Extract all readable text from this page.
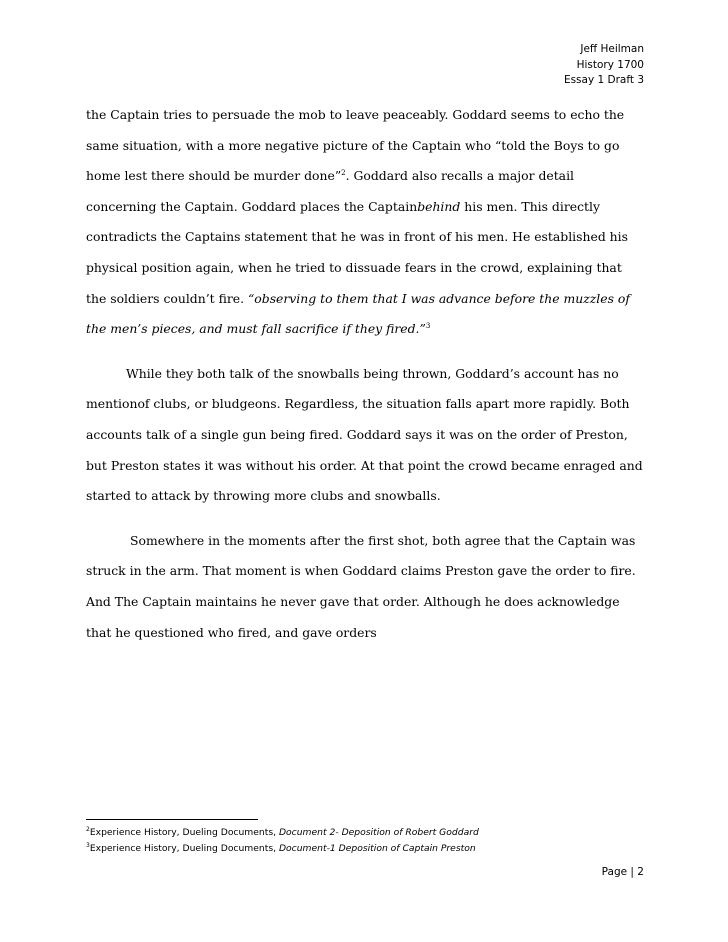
Jeff Heilman
History 1700
Essay 1 Draft 3

the Captain tries to persuade the mob to leave peaceably. Goddard seems to echo the same situation, with a more negative picture of the Captain who “told the Boys to go home lest there should be murder done”$^2$. Goddard also recalls a major detail concerning the Captain. Goddard places the Captainbehind his men. This directly contradicts the Captains statement that he was in front of his men. He established his physical position again, when he tried to dissuade fears in the crowd, explaining that the soldiers couldn’t fire. “observing to them that I was advance before the muzzles of the men’s pieces, and must fall sacrifice if they fired.”$^3$

While they both talk of the snowballs being thrown, Goddard’s account has no mentionof clubs, or bludgeons. Regardless, the situation falls apart more rapidly. Both accounts talk of a single gun being fired. Goddard says it was on the order of Preston, but Preston states it was without his order. At that point the crowd became enraged and started to attack by throwing more clubs and snowballs.

Somewhere in the moments after the first shot, both agree that the Captain was struck in the arm. That moment is when Goddard claims Preston gave the order to fire. And The Captain maintains he never gave that order. Although he does acknowledge that he questioned who fired, and gave orders

$^2$Experience History, Dueling Documents, Document 2- Deposition of Robert Goddard
$^3$Experience History, Dueling Documents, Document-1 Deposition of Captain Preston
Page | 2
